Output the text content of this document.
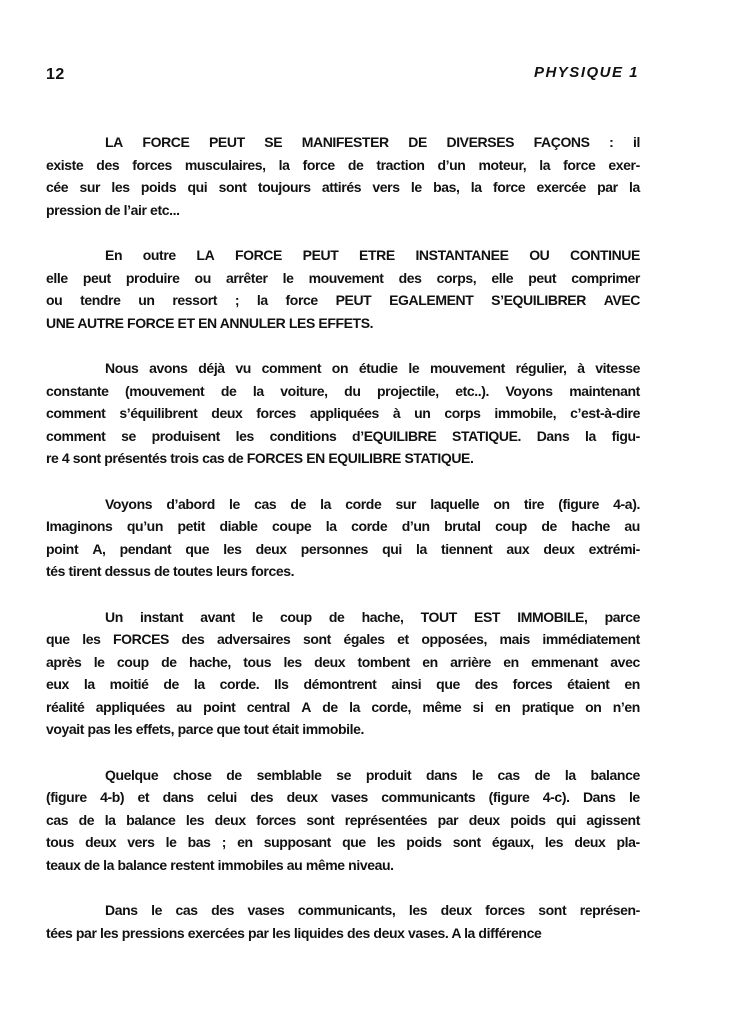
12	PHYSIQUE 1
LA FORCE PEUT SE MANIFESTER DE DIVERSES FAÇONS : il
existe des forces musculaires, la force de traction d’un moteur, la force exer-
cée sur les poids qui sont toujours attirés vers le bas, la force exercée par la
pression de l’air etc...
En outre LA FORCE PEUT ETRE INSTANTANEE OU CONTINUE
elle peut produire ou arrêter le mouvement des corps, elle peut comprimer
ou tendre un ressort ; la force PEUT EGALEMENT S’EQUILIBRER AVEC
UNE AUTRE FORCE ET EN ANNULER LES EFFETS.
Nous avons déjà vu comment on étudie le mouvement régulier, à vitesse
constante (mouvement de la voiture, du projectile, etc..). Voyons maintenant
comment s’équilibrent deux forces appliquées à un corps immobile, c’est-à-dire
comment se produisent les conditions d’EQUILIBRE STATIQUE. Dans la figu-
re 4 sont présentés trois cas de FORCES EN EQUILIBRE STATIQUE.
Voyons d’abord le cas de la corde sur laquelle on tire (figure 4-a).
Imaginons qu’un petit diable coupe la corde d’un brutal coup de hache au
point A, pendant que les deux personnes qui la tiennent aux deux extrémi-
tés tirent dessus de toutes leurs forces.
Un instant avant le coup de hache, TOUT EST IMMOBILE, parce
que les FORCES des adversaires sont égales et opposées, mais immédiatement
après le coup de hache, tous les deux tombent en arrière en emmenant avec
eux la moitié de la corde. Ils démontrent ainsi que des forces étaient en
réalité appliquées au point central A de la corde, même si en pratique on n’en
voyait pas les effets, parce que tout était immobile.
Quelque chose de semblable se produit dans le cas de la balance
(figure 4-b) et dans celui des deux vases communicants (figure 4-c). Dans le
cas de la balance les deux forces sont représentées par deux poids qui agissent
tous deux vers le bas ; en supposant que les poids sont égaux, les deux pla-
teaux de la balance restent immobiles au même niveau.
Dans le cas des vases communicants, les deux forces sont représen-
tées par les pressions exercées par les liquides des deux vases. A la différence
